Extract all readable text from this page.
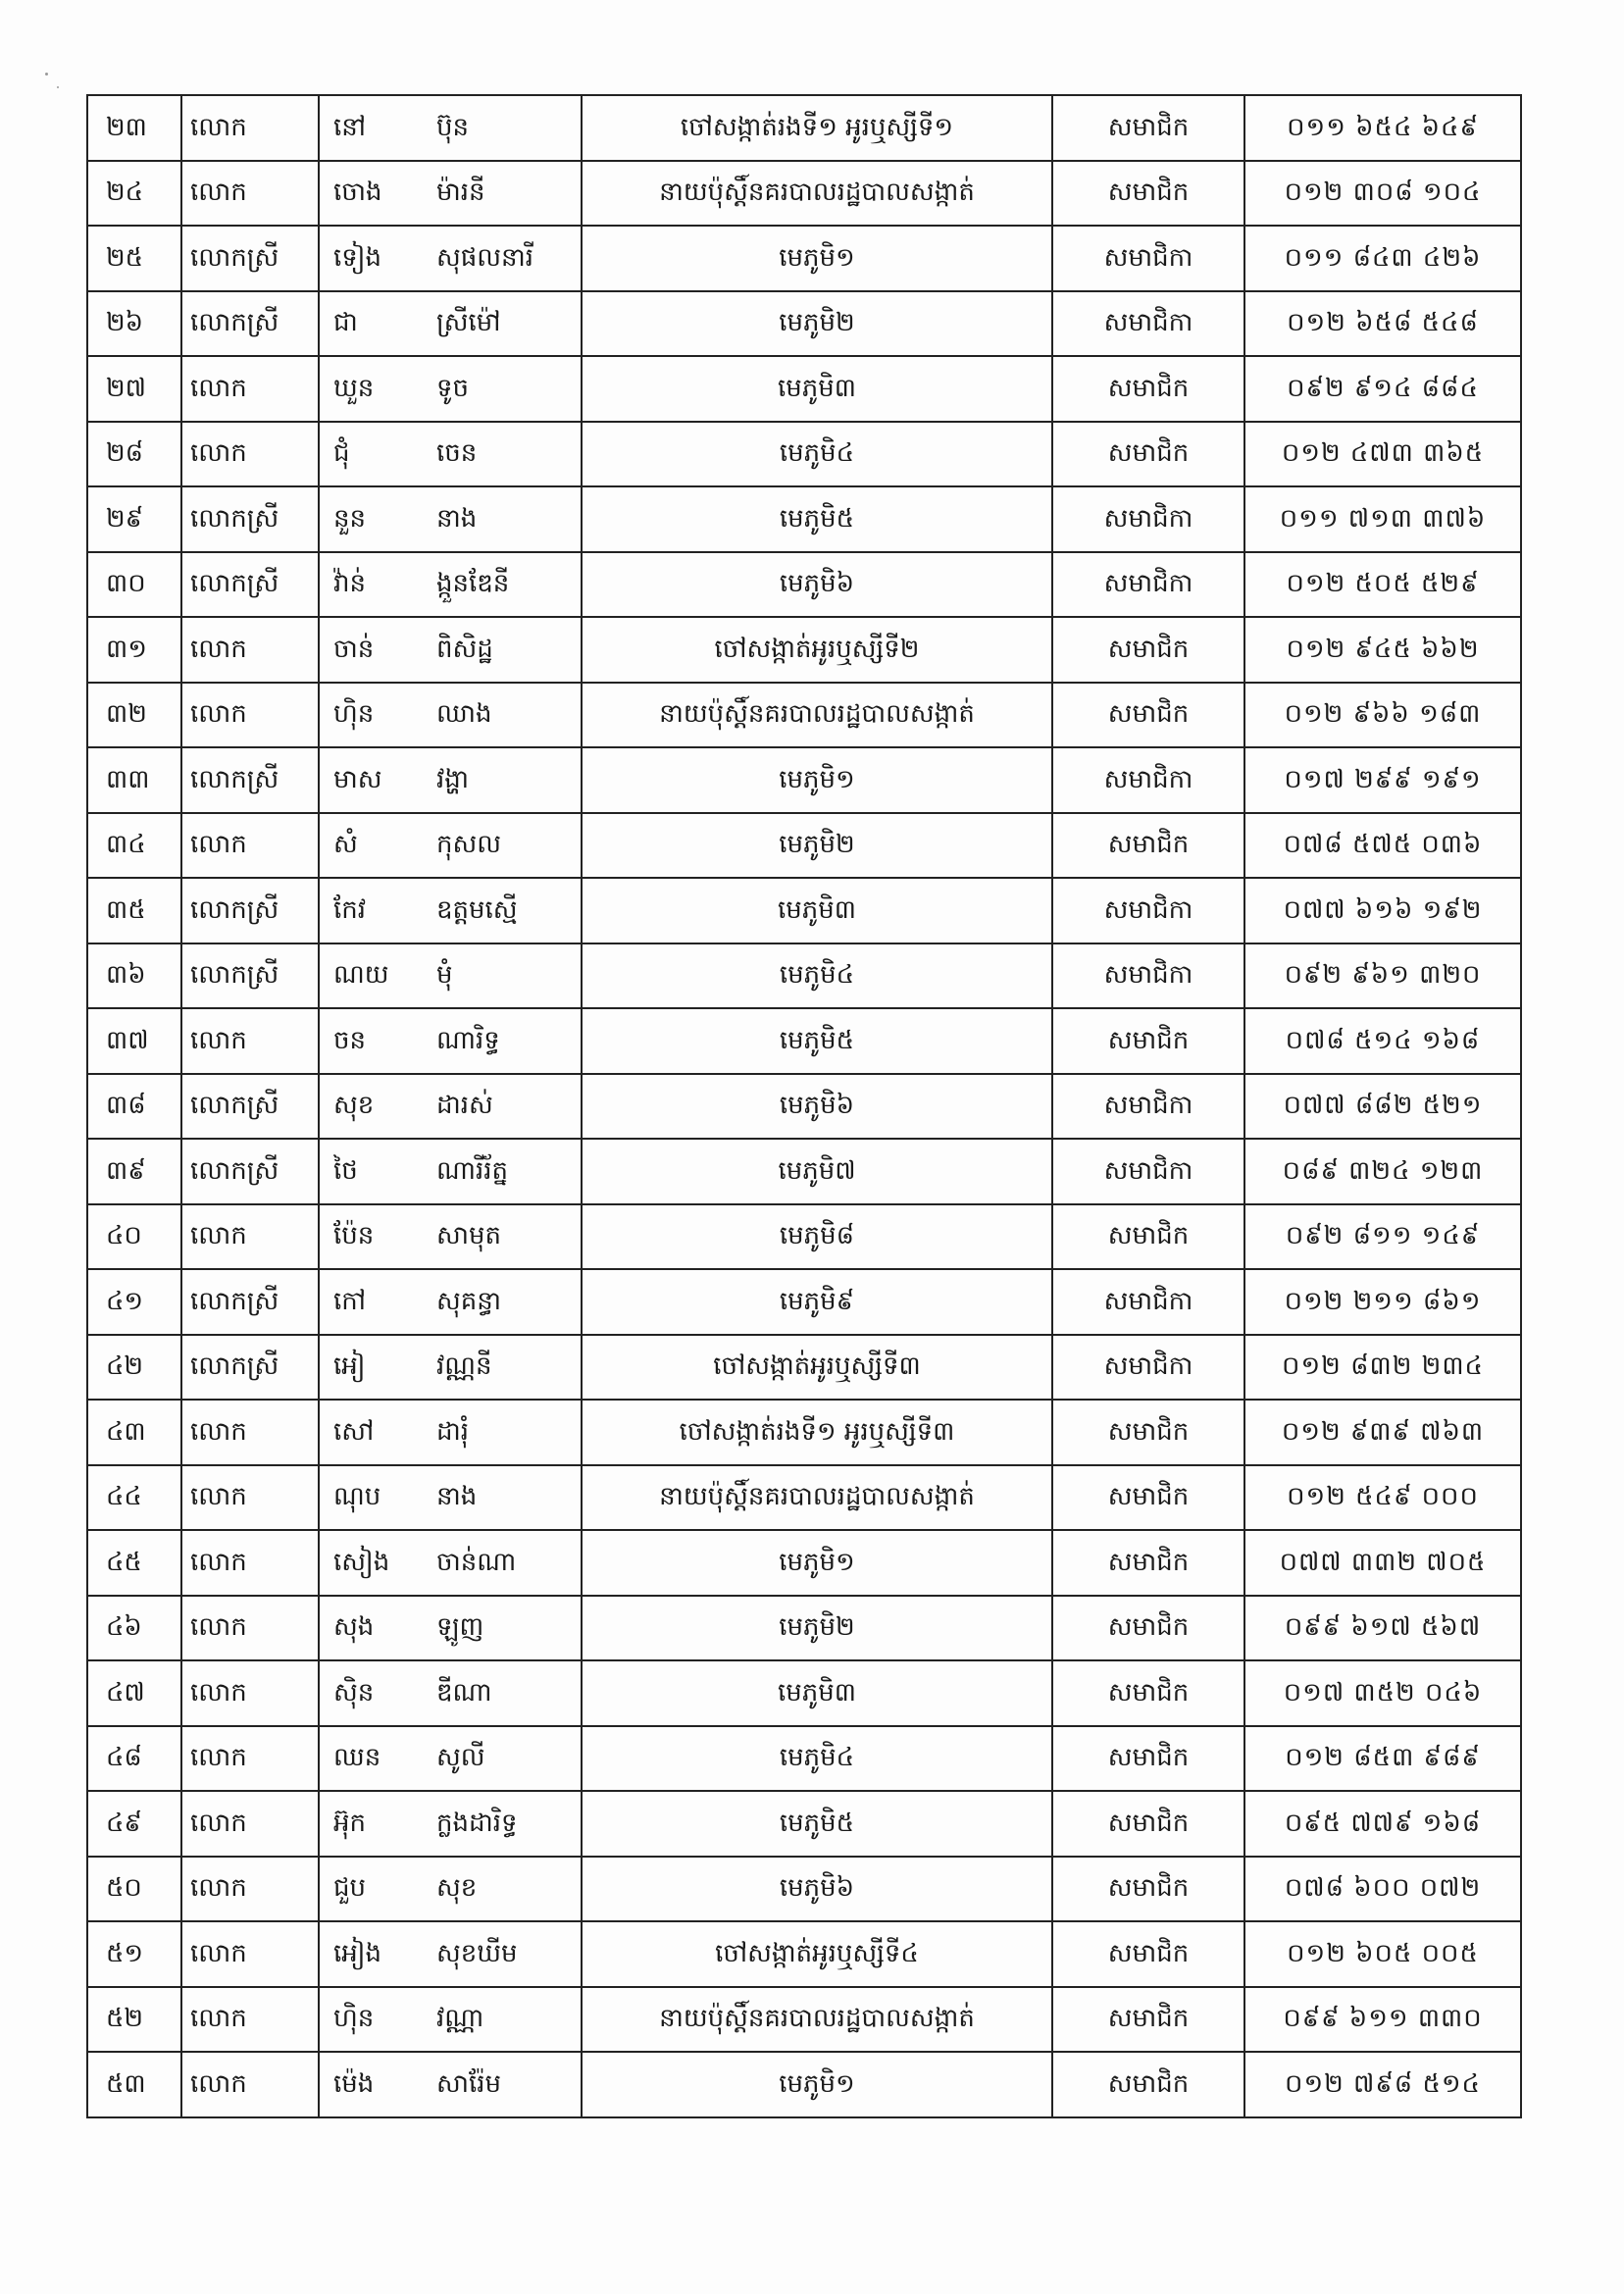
២៣	លោក	នៅ	ប៊ុន	ចៅសង្កាត់រងទី១ អូរឬស្សីទី១	សមាជិក	០១១ ៦៥៤ ៦៤៩
២៤	លោក	ចោង	ម៉ារនី	នាយប៉ុស្តិ៍នគរបាលរដ្ឋបាលសង្កាត់	សមាជិក	០១២ ៣០៨ ១០៤
២៥	លោកស្រី	ទៀង	សុផលនារី	មេភូមិ១	សមាជិកា	០១១ ៨៤៣ ៤២៦
២៦	លោកស្រី	ជា	ស្រីម៉ៅ	មេភូមិ២	សមាជិកា	០១២ ៦៥៨ ៥៤៨
២៧	លោក	ឃួន	ទូច	មេភូមិ៣	សមាជិក	០៩២ ៩១៤ ៨៨៤
២៨	លោក	ជុំ	ចេន	មេភូមិ៤	សមាជិក	០១២ ៤៧៣ ៣៦៥
២៩	លោកស្រី	នួន	នាង	មេភូមិ៥	សមាជិកា	០១១ ៧១៣ ៣៧៦
៣០	លោកស្រី	វ៉ាន់	ង្កួនឌែនី	មេភូមិ៦	សមាជិកា	០១២ ៥០៥ ៥២៩
៣១	លោក	ចាន់	ពិសិដ្ឋ	ចៅសង្កាត់អូរឬស្សីទី២	សមាជិក	០១២ ៩៤៥ ៦៦២
៣២	លោក	ហ៊ិន	ឈាង	នាយប៉ុស្តិ៍នគរបាលរដ្ឋបាលសង្កាត់	សមាជិក	០១២ ៩៦៦ ១៨៣
៣៣	លោកស្រី	មាស	វង្ហា	មេភូមិ១	សមាជិកា	០១៧ ២៩៩ ១៩១
៣៤	លោក	សំ	កុសល	មេភូមិ២	សមាជិក	០៧៨ ៥៧៥ ០៣៦
៣៥	លោកស្រី	កែវ	ឧត្តមស្មើ	មេភូមិ៣	សមាជិកា	០៧៧ ៦១៦ ១៩២
៣៦	លោកស្រី	ណយ	មុំ	មេភូមិ៤	សមាជិកា	០៩២ ៩៦១ ៣២០
៣៧	លោក	ចន	ណារិទ្ធ	មេភូមិ៥	សមាជិក	០៧៨ ៥១៤ ១៦៨
៣៨	លោកស្រី	សុខ	ដារស់	មេភូមិ៦	សមាជិកា	០៧៧ ៨៨២ ៥២១
៣៩	លោកស្រី	ថៃ	ណារីរ័ត្ន	មេភូមិ៧	សមាជិកា	០៨៩ ៣២៤ ១២៣
៤០	លោក	ប៉ែន	សាមុត	មេភូមិ៨	សមាជិក	០៩២ ៨១១ ១៤៩
៤១	លោកស្រី	កៅ	សុគន្ធា	មេភូមិ៩	សមាជិកា	០១២ ២១១ ៨៦១
៤២	លោកស្រី	អៀ	វណ្ណនី	ចៅសង្កាត់អូរឬស្សីទី៣	សមាជិកា	០១២ ៨៣២ ២៣៤
៤៣	លោក	សៅ	ដារុំ	ចៅសង្កាត់រងទី១ អូរឬស្សីទី៣	សមាជិក	០១២ ៩៣៩ ៧៦៣
៤៤	លោក	ណុប	នាង	នាយប៉ុស្តិ៍នគរបាលរដ្ឋបាលសង្កាត់	សមាជិក	០១២ ៥៤៩ ០០០
៤៥	លោក	សៀង	ចាន់ណា	មេភូមិ១	សមាជិក	០៧៧ ៣៣២ ៧០៥
៤៦	លោក	សុង	ឡូញ	មេភូមិ២	សមាជិក	០៩៩ ៦១៧ ៥៦៧
៤៧	លោក	ស៊ិន	ឌីណា	មេភូមិ៣	សមាជិក	០១៧ ៣៥២ ០៤៦
៤៨	លោក	ឈន	សូលី	មេភូមិ៤	សមាជិក	០១២ ៨៥៣ ៩៨៩
៤៩	លោក	អ៊ុក	ក្លងដារិទ្ធ	មេភូមិ៥	សមាជិក	០៩៥ ៧៧៩ ១៦៨
៥០	លោក	ជួប	សុខ	មេភូមិ៦	សមាជិក	០៧៨ ៦០០ ០៧២
៥១	លោក	អៀង	សុខឃីម	ចៅសង្កាត់អូរឬស្សីទី៤	សមាជិក	០១២ ៦០៥ ០០៥
៥២	លោក	ហ៊ិន	វណ្ណា	នាយប៉ុស្តិ៍នគរបាលរដ្ឋបាលសង្កាត់	សមាជិក	០៩៩ ៦១១ ៣៣០
៥៣	លោក	ម៉េង	សារ៉ែម	មេភូមិ១	សមាជិក	០១២ ៧៩៨ ៥១៤
